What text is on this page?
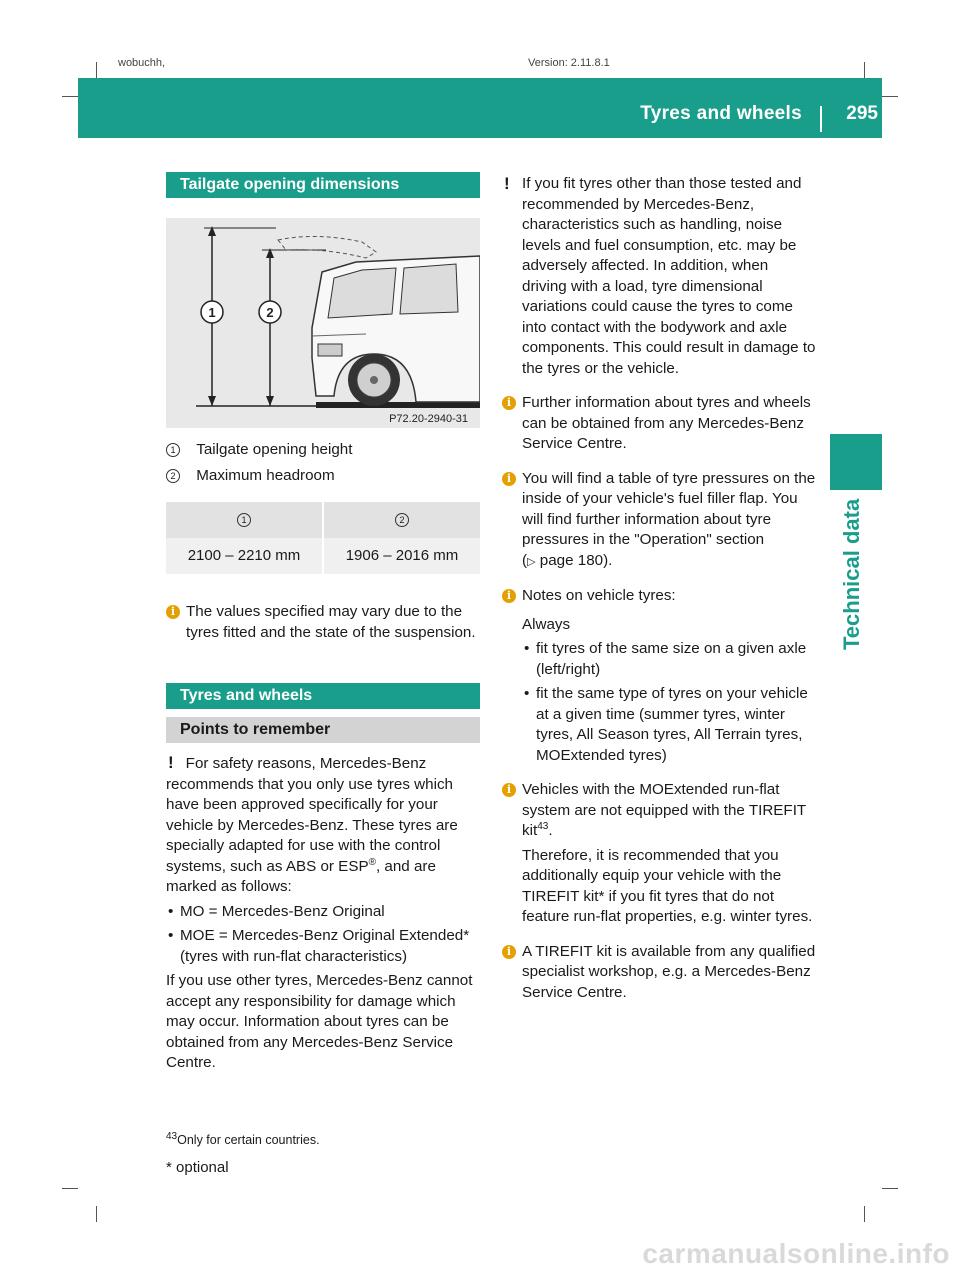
wobuchh,	Version: 2.11.8.1
Tyres and wheels 295
Technical data
Tailgate opening dimensions
1	2
P72.20-2940-31
1 Tailgate opening height
2 Maximum headroom
1	2
2100 – 2210 mm	1906 – 2016 mm
i The values specified may vary due to the tyres fitted and the state of the suspension.

Tyres and wheels
Points to remember

! For safety reasons, Mercedes-Benz recommends that you only use tyres which have been approved specifically for your vehicle by Mercedes-Benz. These tyres are specially adapted for use with the control systems, such as ABS or ESP®, and are marked as follows:

• MO = Mercedes-Benz Original
• MOE = Mercedes-Benz Original Extended* (tyres with run-flat characteristics)

If you use other tyres, Mercedes-Benz cannot accept any responsibility for damage which may occur. Information about tyres can be obtained from any Mercedes-Benz Service Centre.

! If you fit tyres other than those tested and recommended by Mercedes-Benz, characteristics such as handling, noise levels and fuel consumption, etc. may be adversely affected. In addition, when driving with a load, tyre dimensional variations could cause the tyres to come into contact with the bodywork and axle components. This could result in damage to the tyres or the vehicle.

i Further information about tyres and wheels can be obtained from any Mercedes-Benz Service Centre.

i You will find a table of tyre pressures on the inside of your vehicle's fuel filler flap. You will find further information about tyre pressures in the "Operation" section

(▷ page 180).

i Notes on vehicle tyres:

Always

• fit tyres of the same size on a given axle (left/right)
• fit the same type of tyres on your vehicle at a given time (summer tyres, winter tyres, All Season tyres, All Terrain tyres, MOExtended tyres)
i Vehicles with the MOExtended run-flat system are not equipped with the TIREFIT kit$^{43}$.

Therefore, it is recommended that you additionally equip your vehicle with the TIREFIT kit* if you fit tyres that do not feature run-flat properties, e.g. winter tyres.

i A TIREFIT kit is available from any qualified specialist workshop, e.g. a Mercedes-Benz Service Centre.

$^{43}$Only for certain countries.
* optional
carmanualsonline.info
